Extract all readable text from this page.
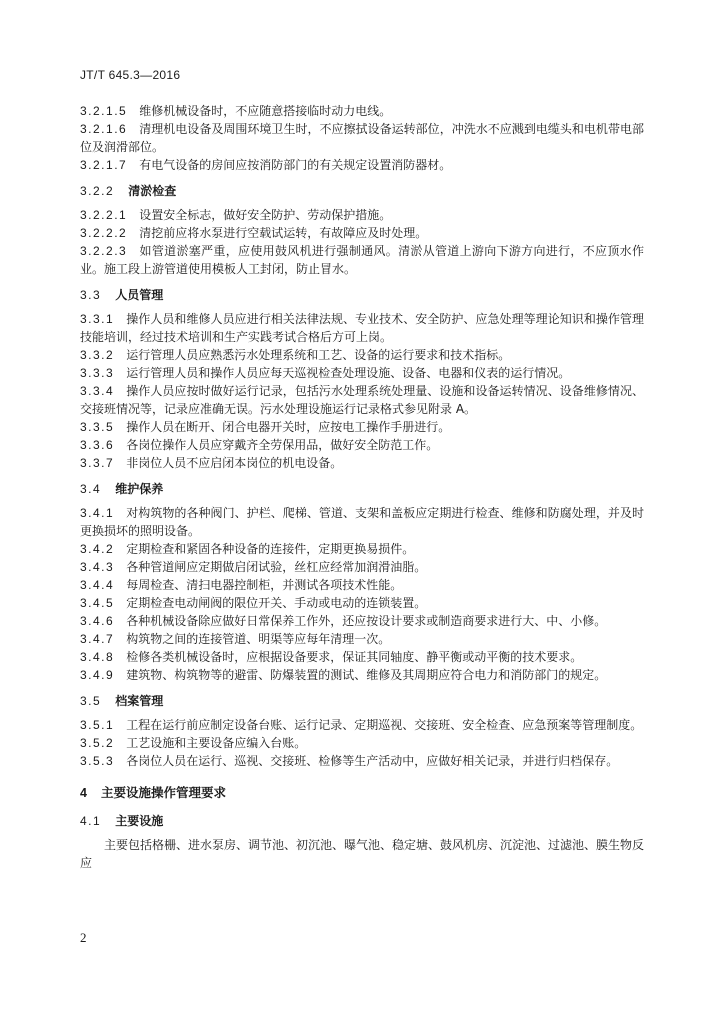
JT/T 645.3—2016

3.2.1.5 维修机械设备时，不应随意搭接临时动力电线。

3.2.1.6 清理机电设备及周围环境卫生时，不应擦拭设备运转部位，冲洗水不应溅到电缆头和电机带电部位及润滑部位。

3.2.1.7 有电气设备的房间应按消防部门的有关规定设置消防器材。

3.2.2 清淤检查

3.2.2.1 设置安全标志，做好安全防护、劳动保护措施。

3.2.2.2 清挖前应将水泵进行空载试运转，有故障应及时处理。

3.2.2.3 如管道淤塞严重，应使用鼓风机进行强制通风。清淤从管道上游向下游方向进行，不应顶水作业。施工段上游管道使用模板人工封闭，防止冒水。

3.3 人员管理

3.3.1 操作人员和维修人员应进行相关法律法规、专业技术、安全防护、应急处理等理论知识和操作管理技能培训，经过技术培训和生产实践考试合格后方可上岗。

3.3.2 运行管理人员应熟悉污水处理系统和工艺、设备的运行要求和技术指标。

3.3.3 运行管理人员和操作人员应每天巡视检查处理设施、设备、电器和仪表的运行情况。

3.3.4 操作人员应按时做好运行记录，包括污水处理系统处理量、设施和设备运转情况、设备维修情况、交接班情况等，记录应准确无误。污水处理设施运行记录格式参见附录 A。

3.3.5 操作人员在断开、闭合电器开关时，应按电工操作手册进行。

3.3.6 各岗位操作人员应穿戴齐全劳保用品，做好安全防范工作。

3.3.7 非岗位人员不应启闭本岗位的机电设备。

3.4 维护保养

3.4.1 对构筑物的各种阀门、护栏、爬梯、管道、支架和盖板应定期进行检查、维修和防腐处理，并及时更换损坏的照明设备。

3.4.2 定期检查和紧固各种设备的连接件，定期更换易损件。

3.4.3 各种管道闸应定期做启闭试验，丝杠应经常加润滑油脂。

3.4.4 每周检查、清扫电器控制柜，并测试各项技术性能。

3.4.5 定期检查电动闸阀的限位开关、手动或电动的连锁装置。

3.4.6 各种机械设备除应做好日常保养工作外，还应按设计要求或制造商要求进行大、中、小修。

3.4.7 构筑物之间的连接管道、明渠等应每年清理一次。

3.4.8 检修各类机械设备时，应根据设备要求，保证其同轴度、静平衡或动平衡的技术要求。

3.4.9 建筑物、构筑物等的避雷、防爆装置的测试、维修及其周期应符合电力和消防部门的规定。

3.5 档案管理

3.5.1 工程在运行前应制定设备台账、运行记录、定期巡视、交接班、安全检查、应急预案等管理制度。

3.5.2 工艺设施和主要设备应编入台账。

3.5.3 各岗位人员在运行、巡视、交接班、检修等生产活动中，应做好相关记录，并进行归档保存。

4 主要设施操作管理要求
4.1 主要设施

主要包括格栅、进水泵房、调节池、初沉池、曝气池、稳定塘、鼓风机房、沉淀池、过滤池、膜生物反应

2
